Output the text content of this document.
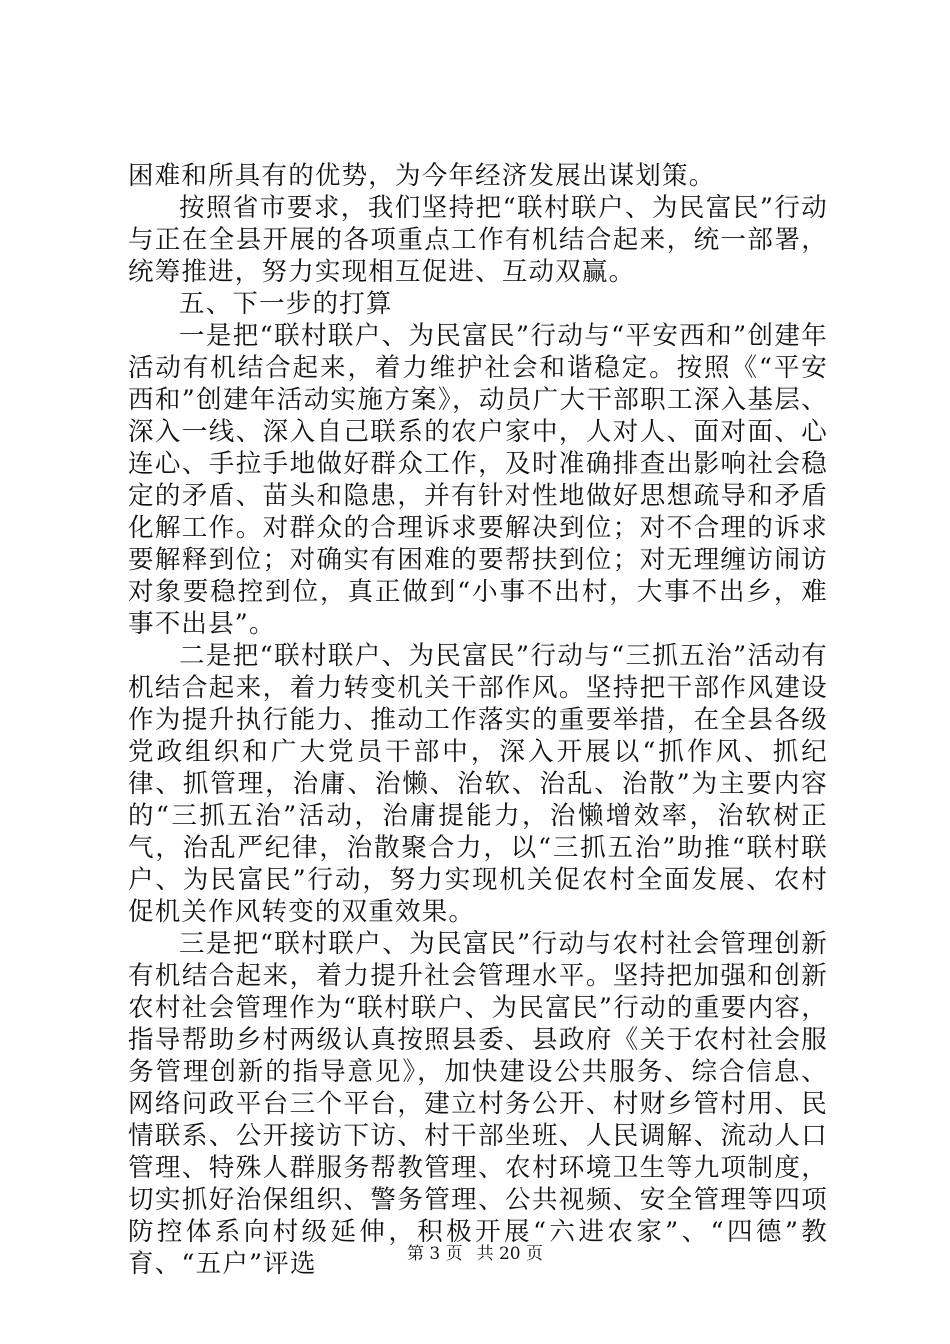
困难和所具有的优势，为今年经济发展出谋划策。

按照省市要求，我们坚持把“联村联户、为民富民”行动与正在全县开展的各项重点工作有机结合起来，统一部署，统筹推进，努力实现相互促进、互动双赢。

五、下一步的打算

一是把“联村联户、为民富民”行动与“平安西和”创建年活动有机结合起来，着力维护社会和谐稳定。按照《“平安西和”创建年活动实施方案》，动员广大干部职工深入基层、深入一线、深入自己联系的农户家中，人对人、面对面、心连心、手拉手地做好群众工作，及时准确排查出影响社会稳定的矛盾、苗头和隐患，并有针对性地做好思想疏导和矛盾化解工作。对群众的合理诉求要解决到位；对不合理的诉求要解释到位；对确实有困难的要帮扶到位；对无理缠访闹访对象要稳控到位，真正做到“小事不出村，大事不出乡，难事不出县”。

二是把“联村联户、为民富民”行动与“三抓五治”活动有机结合起来，着力转变机关干部作风。坚持把干部作风建设作为提升执行能力、推动工作落实的重要举措，在全县各级党政组织和广大党员干部中，深入开展以“抓作风、抓纪律、抓管理，治庸、治懒、治软、治乱、治散”为主要内容的“三抓五治”活动，治庸提能力，治懒增效率，治软树正气，治乱严纪律，治散聚合力，以“三抓五治”助推“联村联户、为民富民”行动，努力实现机关促农村全面发展、农村促机关作风转变的双重效果。

三是把“联村联户、为民富民”行动与农村社会管理创新有机结合起来，着力提升社会管理水平。坚持把加强和创新农村社会管理作为“联村联户、为民富民”行动的重要内容，指导帮助乡村两级认真按照县委、县政府《关于农村社会服务管理创新的指导意见》，加快建设公共服务、综合信息、网络问政平台三个平台，建立村务公开、村财乡管村用、民情联系、公开接访下访、村干部坐班、人民调解、流动人口管理、特殊人群服务帮教管理、农村环境卫生等九项制度，切实抓好治保组织、警务管理、公共视频、安全管理等四项防控体系向村级延伸，积极开展“六进农家”、“四德”教育、“五户”评选	第 3 页 共 20 页
